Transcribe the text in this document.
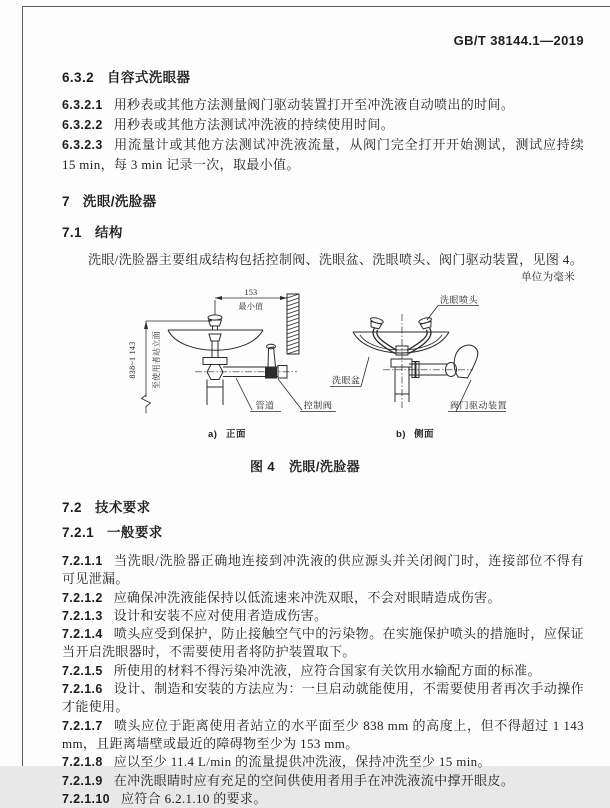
GB/T 38144.1—2019
6.3.2 自容式洗眼器

6.3.2.1 用秒表或其他方法测量阀门驱动装置打开至冲洗液自动喷出的时间。

6.3.2.2 用秒表或其他方法测试冲洗液的持续使用时间。

6.3.2.3 用流量计或其他方法测试冲洗液流量，从阀门完全打开开始测试，测试应持续 15 min，每 3 min 记录一次，取最小值。

7 洗眼/洗脸器
7.1 结构

洗眼/洗脸器主要组成结构包括控制阀、洗眼盆、洗眼喷头、阀门驱动装置，见图 4。

单位为毫米
153
最小值
838~1 143 至使用者站立面
管道	控制阀
a) 正面
洗眼喷头
洗眼盆
阀门驱动装置
b) 侧面
图 4 洗眼/洗脸器
7.2 技术要求
7.2.1 一般要求

7.2.1.1 当洗眼/洗脸器正确地连接到冲洗液的供应源头并关闭阀门时，连接部位不得有可见泄漏。

7.2.1.2 应确保冲洗液能保持以低流速来冲洗双眼，不会对眼睛造成伤害。

7.2.1.3 设计和安装不应对使用者造成伤害。

7.2.1.4 喷头应受到保护，防止接触空气中的污染物。在实施保护喷头的措施时，应保证当开启洗眼器时，不需要使用者将防护装置取下。

7.2.1.5 所使用的材料不得污染冲洗液，应符合国家有关饮用水输配方面的标准。

7.2.1.6 设计、制造和安装的方法应为：一旦启动就能使用，不需要使用者再次手动操作才能使用。

7.2.1.7 喷头应位于距离使用者站立的水平面至少 838 mm 的高度上，但不得超过 1 143 mm，且距离墙壁或最近的障碍物至少为 153 mm。

7.2.1.8 应以至少 11.4 L/min 的流量提供冲洗液，保持冲洗至少 15 min。

7.2.1.9 在冲洗眼睛时应有充足的空间供使用者用手在冲洗液流中撑开眼皮。

7.2.1.10 应符合 6.2.1.10 的要求。
